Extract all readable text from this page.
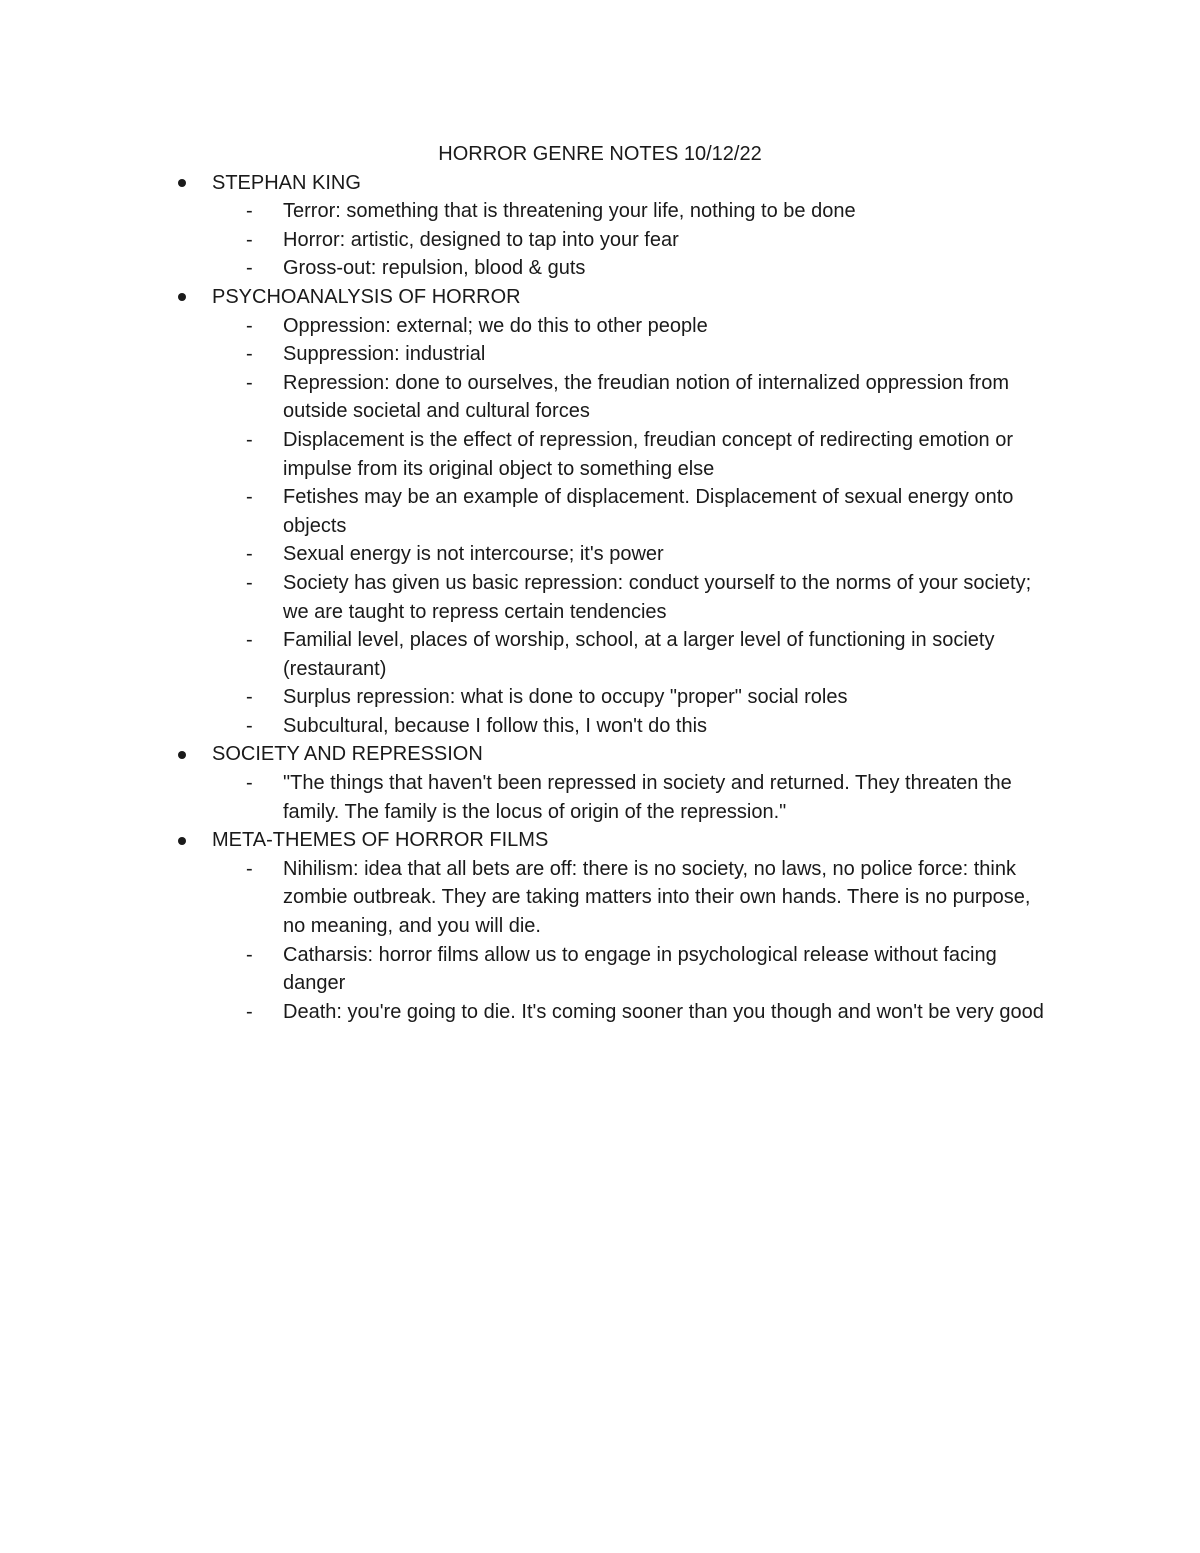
HORROR GENRE NOTES 10/12/22
STEPHAN KING
- Terror: something that is threatening your life, nothing to be done
- Horror: artistic, designed to tap into your fear
- Gross-out: repulsion, blood & guts
PSYCHOANALYSIS OF HORROR
- Oppression: external; we do this to other people
- Suppression: industrial
- Repression: done to ourselves, the freudian notion of internalized oppression from outside societal and cultural forces
- Displacement is the effect of repression, freudian concept of redirecting emotion or impulse from its original object to something else
- Fetishes may be an example of displacement. Displacement of sexual energy onto objects
- Sexual energy is not intercourse; it's power
- Society has given us basic repression: conduct yourself to the norms of your society; we are taught to repress certain tendencies
- Familial level, places of worship, school, at a larger level of functioning in society (restaurant)
- Surplus repression: what is done to occupy "proper" social roles
- Subcultural, because I follow this, I won't do this
SOCIETY AND REPRESSION
- "The things that haven't been repressed in society and returned. They threaten the family. The family is the locus of origin of the repression."
META-THEMES OF HORROR FILMS
- Nihilism: idea that all bets are off: there is no society, no laws, no police force: think zombie outbreak. They are taking matters into their own hands. There is no purpose, no meaning, and you will die.
- Catharsis: horror films allow us to engage in psychological release without facing danger
- Death: you're going to die. It's coming sooner than you though and won't be very good
